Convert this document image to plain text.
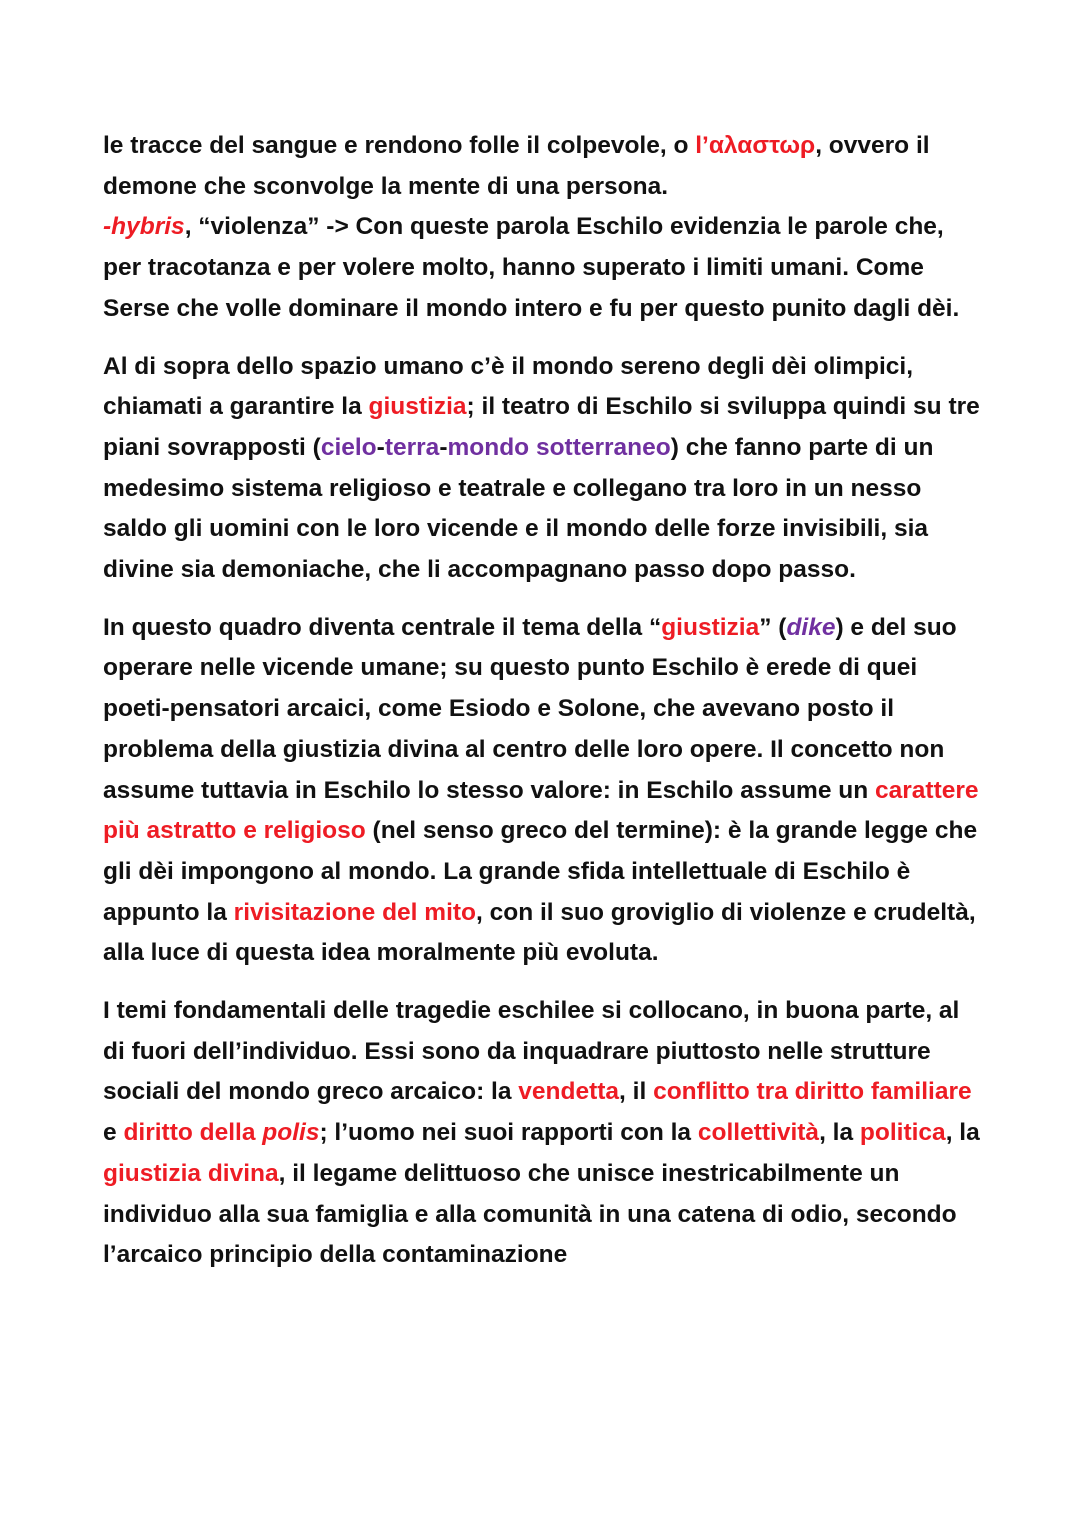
le tracce del sangue e rendono folle il colpevole, o l’αλαστωρ, ovvero il demone che sconvolge la mente di una persona.
-hybris, “violenza” -> Con queste parola Eschilo evidenzia le parole che, per tracotanza e per volere molto, hanno superato i limiti umani. Come Serse che volle dominare il mondo intero e fu per questo punito dagli dèi.

Al di sopra dello spazio umano c’è il mondo sereno degli dèi olimpici, chiamati a garantire la giustizia; il teatro di Eschilo si sviluppa quindi su tre piani sovrapposti (cielo-terra-mondo sotterraneo) che fanno parte di un medesimo sistema religioso e teatrale e collegano tra loro in un nesso saldo gli uomini con le loro vicende e il mondo delle forze invisibili, sia divine sia demoniache, che li accompagnano passo dopo passo.

In questo quadro diventa centrale il tema della “giustizia” (dike) e del suo operare nelle vicende umane; su questo punto Eschilo è erede di quei poeti-pensatori arcaici, come Esiodo e Solone, che avevano posto il problema della giustizia divina al centro delle loro opere. Il concetto non assume tuttavia in Eschilo lo stesso valore: in Eschilo assume un carattere più astratto e religioso (nel senso greco del termine): è la grande legge che gli dèi impongono al mondo. La grande sfida intellettuale di Eschilo è appunto la rivisitazione del mito, con il suo groviglio di violenze e crudeltà, alla luce di questa idea moralmente più evoluta.

I temi fondamentali delle tragedie eschilee si collocano, in buona parte, al di fuori dell’individuo. Essi sono da inquadrare piuttosto nelle strutture sociali del mondo greco arcaico: la vendetta, il conflitto tra diritto familiare e diritto della polis; l’uomo nei suoi rapporti con la collettività, la politica, la giustizia divina, il legame delittuoso che unisce inestricabilmente un individuo alla sua famiglia e alla comunità in una catena di odio, secondo l’arcaico principio della contaminazione
